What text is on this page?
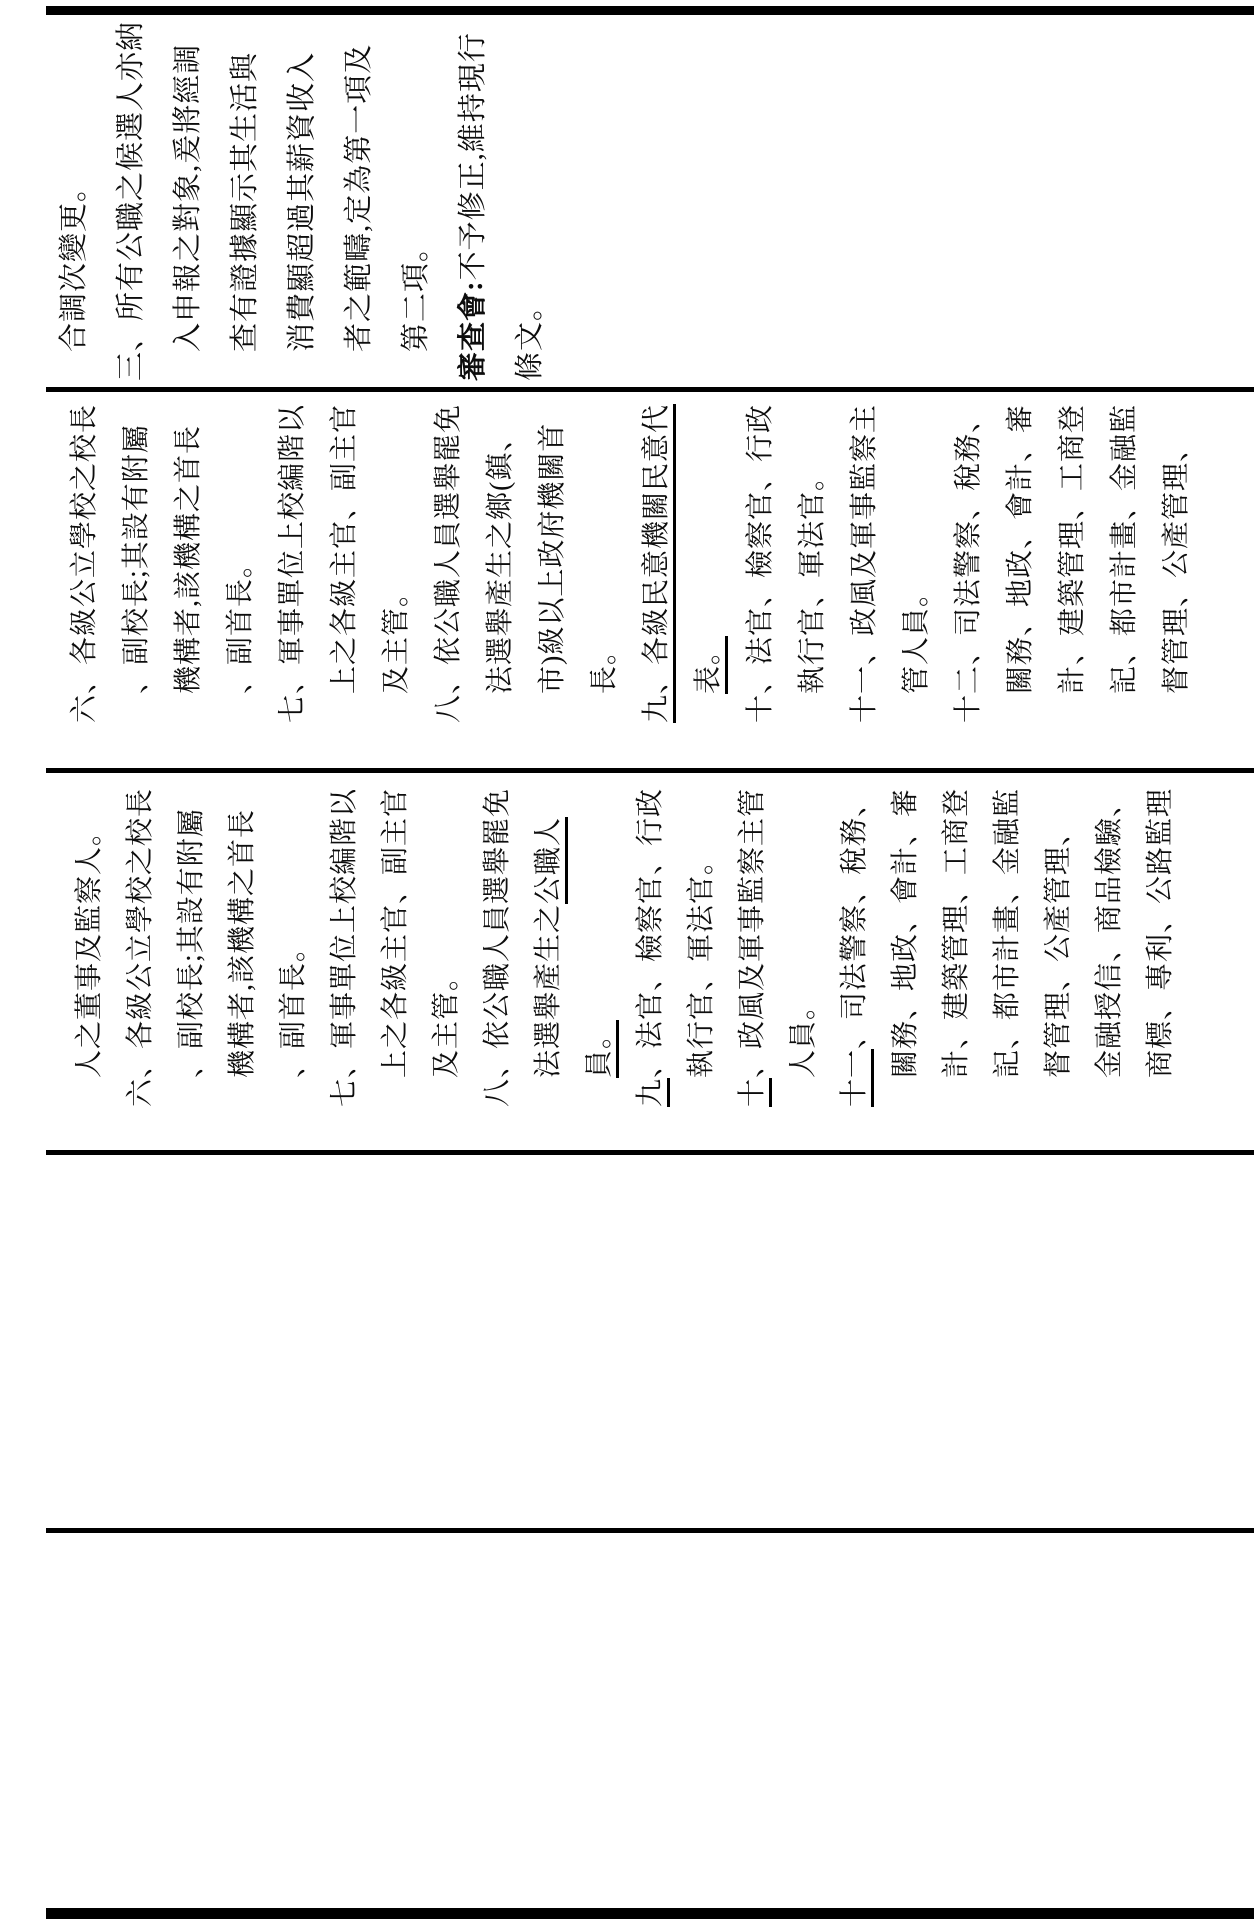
合調次變更。 三、所有公職之候選人亦納 入申報之對象,爰將經調 查有證據顯示其生活與 消費顯超過其薪資收入 者之範疇,定為第一項及 第二項。 審查會:不予修正,維持現行
條文。
六、各級公立學校之校長 、副校長;其設有附屬 機構者,該機構之首長 、副首長。 七、軍事單位上校編階以 上之各級主官、副主官 及主管。 八、依公職人員選舉罷免 法選舉產生之鄉(鎮、 市)級以上政府機關首 長。 九、各級民意機關民意代 表。 十、法官、檢察官、行政 執行官、軍法官。 十一、政風及軍事監察主 管人員。 十二、司法警察、稅務、 關務、地政、會計、審 計、建築管理、工商登 記、都市計畫、金融監 督管理、公產管理、
人之董事及監察人。 六、各級公立學校之校長 、副校長;其設有附屬 機構者,該機構之首長 、副首長。 七、軍事單位上校編階以 上之各級主官、副主官 及主管。 八、依公職人員選舉罷免 法選舉產生之公職人
員。
九、法官、檢察官、行政 執行官、軍法官。
十、政風及軍事監察主管 人員。 十一、司法警察、稅務、 關務、地政、會計、審 計、建築管理、工商登 記、都市計畫、金融監 督管理、公產管理、 金融授信、商品檢驗、 商標、專利、公路監理
